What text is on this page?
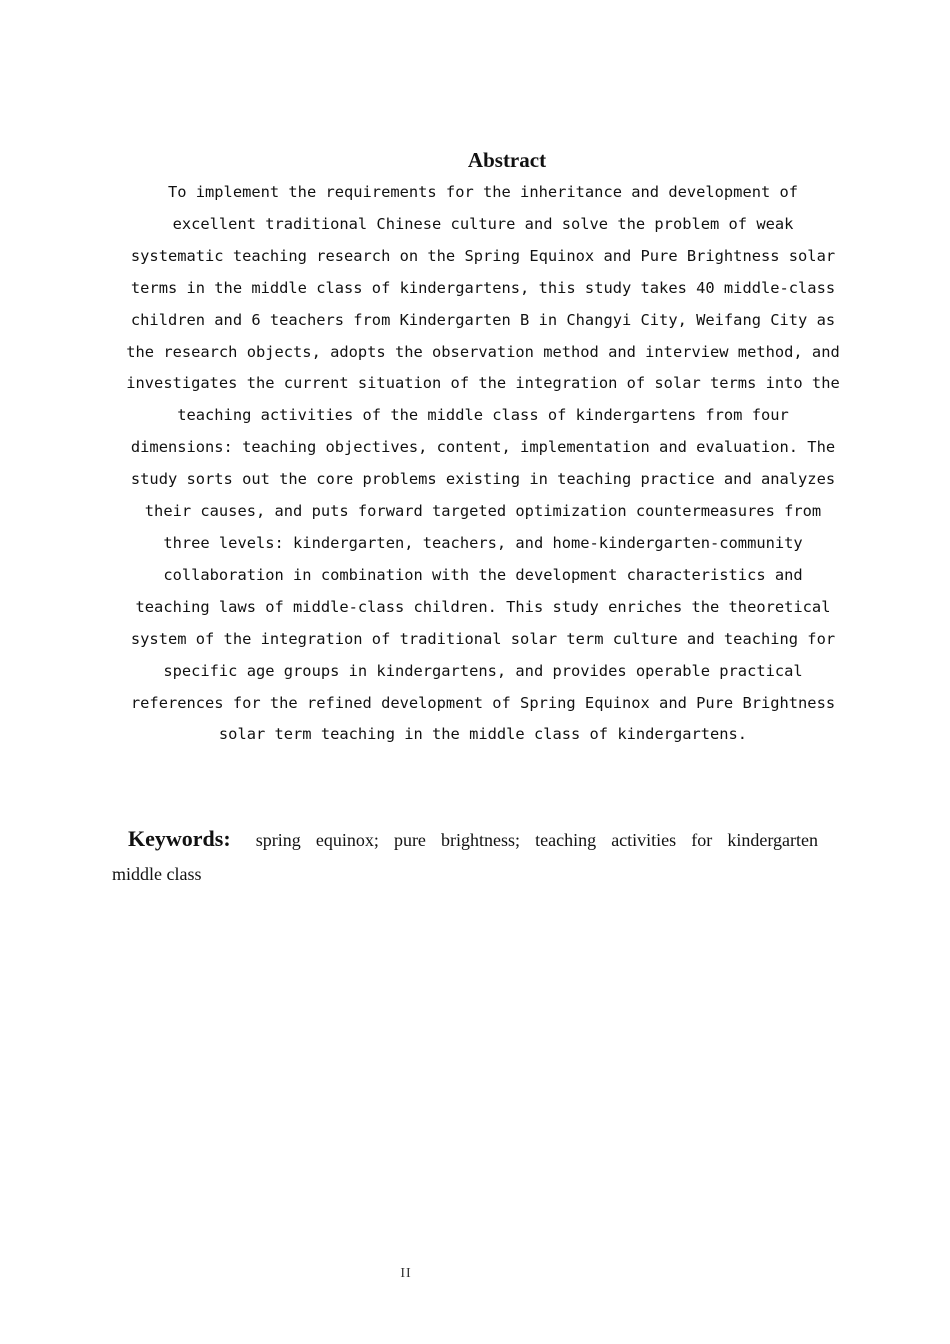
Abstract
To implement the requirements for the inheritance and development of
excellent traditional Chinese culture and solve the problem of weak
systematic teaching research on the Spring Equinox and Pure Brightness solar
terms in the middle class of kindergartens, this study takes 40 middle-class
children and 6 teachers from Kindergarten B in Changyi City, Weifang City as
the research objects, adopts the observation method and interview method, and
investigates the current situation of the integration of solar terms into the
teaching activities of the middle class of kindergartens from four
dimensions: teaching objectives, content, implementation and evaluation. The
study sorts out the core problems existing in teaching practice and analyzes
their causes, and puts forward targeted optimization countermeasures from
three levels: kindergarten, teachers, and home-kindergarten-community
collaboration in combination with the development characteristics and
teaching laws of middle-class children. This study enriches the theoretical
system of the integration of traditional solar term culture and teaching for
specific age groups in kindergartens, and provides operable practical
references for the refined development of Spring Equinox and Pure Brightness
solar term teaching in the middle class of kindergartens.
Keywords: spring equinox; pure brightness; teaching activities for kindergarten
middle class
II
